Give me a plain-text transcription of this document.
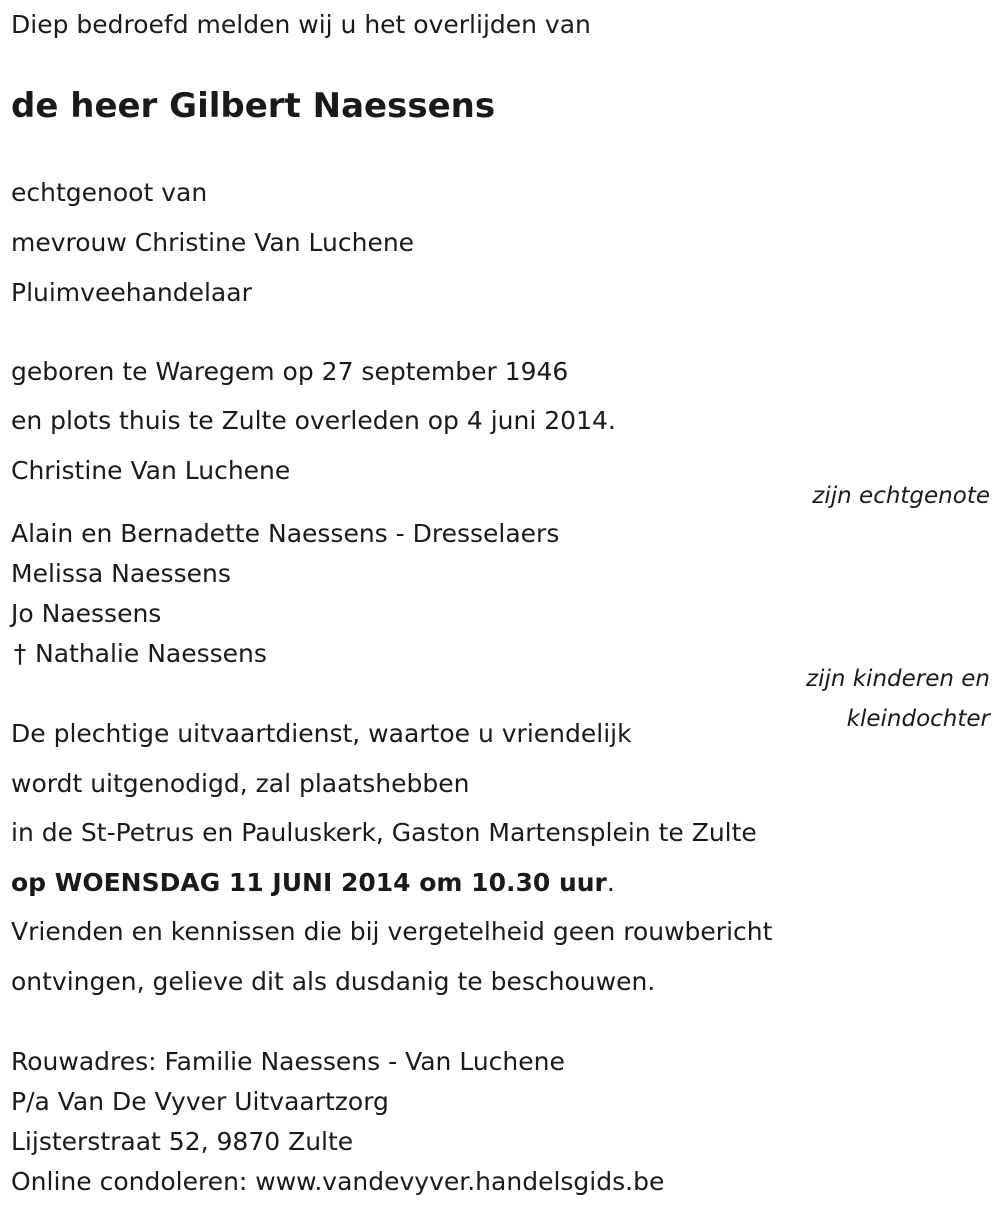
Diep bedroefd melden wij u het overlijden van
de heer Gilbert Naessens
echtgenoot van
mevrouw Christine Van Luchene
Pluimveehandelaar
geboren te Waregem op 27 september 1946
en plots thuis te Zulte overleden op 4 juni 2014.
Christine Van Luchene
zijn echtgenote
Alain en Bernadette Naessens - Dresselaers
Melissa Naessens
Jo Naessens
† Nathalie Naessens
zijn kinderen en
kleindochter
De plechtige uitvaartdienst, waartoe u vriendelijk
wordt uitgenodigd, zal plaatshebben
in de St-Petrus en Pauluskerk, Gaston Martensplein te Zulte
op WOENSDAG 11 JUNI 2014 om 10.30 uur.
Vrienden en kennissen die bij vergetelheid geen rouwbericht
ontvingen, gelieve dit als dusdanig te beschouwen.
Rouwadres: Familie Naessens - Van Luchene
P/a Van De Vyver Uitvaartzorg
Lijsterstraat 52, 9870 Zulte
Online condoleren: www.vandevyver.handelsgids.be
